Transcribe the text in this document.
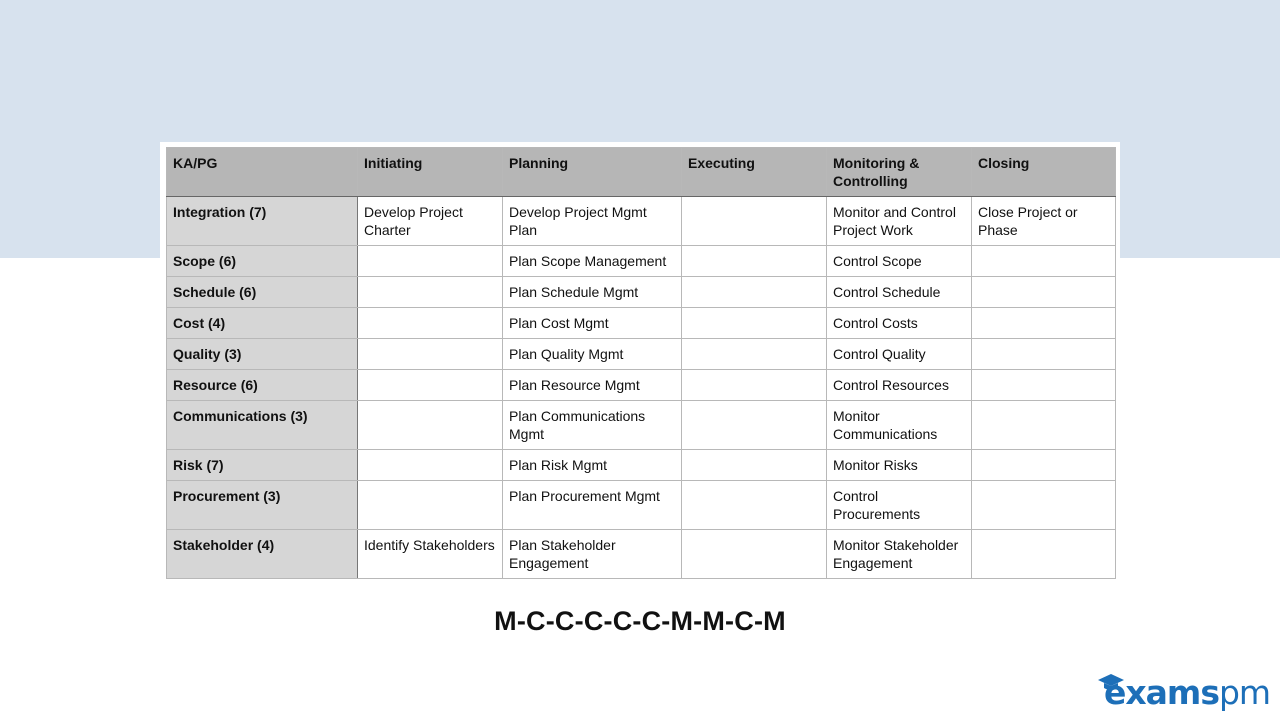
KA/PG	Initiating	Planning	Executing	Monitoring & Controlling	Closing
Integration (7)	Develop Project Charter	Develop Project Mgmt Plan		Monitor and Control Project Work	Close Project or Phase
Scope (6)		Plan Scope Management		Control Scope	
Schedule (6)		Plan Schedule Mgmt		Control Schedule	
Cost (4)		Plan Cost Mgmt		Control Costs	
Quality (3)		Plan Quality Mgmt		Control Quality	
Resource (6)		Plan Resource Mgmt		Control Resources	
Communications (3)		Plan Communications Mgmt		Monitor Communications	
Risk (7)		Plan Risk Mgmt		Monitor Risks	
Procurement (3)		Plan Procurement Mgmt		Control Procurements	
Stakeholder (4)	Identify Stakeholders	Plan Stakeholder Engagement		Monitor Stakeholder Engagement	
M-C-C-C-C-C-M-M-C-M
examspm
